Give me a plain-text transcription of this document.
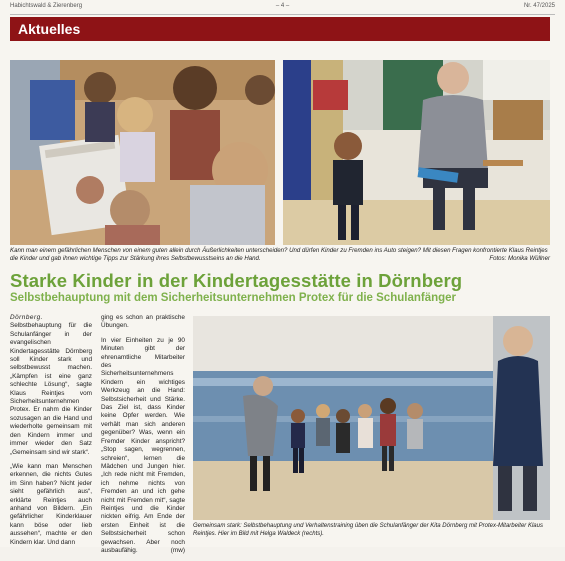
Habichtswald & Zierenberg	– 4 –	Nr. 47/2025
Aktuelles
Kann man einem gefährlichen Menschen von einem guten allein durch Äußerlichkeiten unterscheiden? Und dürfen Kinder zu Fremden ins Auto steigen? Mit diesen Fragen konfrontierte Klaus Reintjes die Kinder und gab ihnen wichtige Tipps zur Stärkung ihres Selbstbewusstseins an die Hand.	Fotos: Monika Wüllner
Starke Kinder in der Kindertagesstätte in Dörnberg
Selbstbehauptung mit dem Sicherheitsunternehmen Protex für die Schulanfänger

Dörnberg. Selbstbehauptung für die Schulanfänger in der evangelischen Kindertagesstätte Dörnberg soll Kinder stark und selbstbewusst machen. „Kämpfen ist eine ganz schlechte Lösung“, sagte Klaus Reintjes vom Sicherheitsunternehmen Protex. Er nahm die Kinder sozusagen an die Hand und wiederholte gemeinsam mit den Kindern immer und immer wieder den Satz „Gemeinsam sind wir stark“.

„Wie kann man Menschen erkennen, die nichts Gutes im Sinn haben? Nicht jeder sieht gefährlich aus“, erklärte Reintjes auch anhand von Bildern. „Ein gefährlicher Kinderklauer kann böse oder lieb aussehen“, machte er den Kindern klar. Und dann

ging es schon an praktische Übungen.

In vier Einheiten zu je 90 Minuten gibt der ehrenamtliche Mitarbeiter des Sicherheitsunternehmens Kindern ein wichtiges Werkzeug an die Hand: Selbstsicherheit und Stärke. Das Ziel ist, dass Kinder keine Opfer werden. Wie verhält man sich anderen gegenüber? Was, wenn ein Fremder Kinder anspricht? „Stop sagen, wegrennen, schreien“, lernen die Mädchen und Jungen hier. „Ich rede nicht mit Fremden, ich nehme nichts von Fremden an und ich gehe nicht mit Fremden mit“, sagte Reintjes und die Kinder nickten eifrig. Am Ende der ersten Einheit ist die Selbstsicherheit schon gewachsen. Aber noch ausbaufähig.	(mw)

Gemeinsam stark: Selbstbehauptung und Verhaltenstraining üben die Schulanfänger der Kita Dörnberg mit Protex-Mitarbeiter Klaus Reintjes. Hier im Bild mit Helga Waldeck (rechts).
